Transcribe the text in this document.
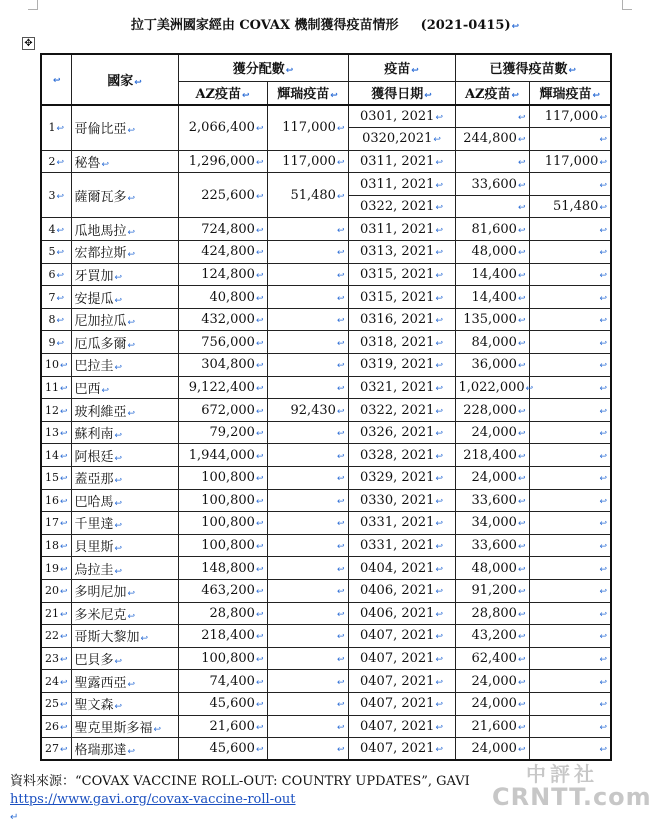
拉丁美洲國家經由 COVAX 機制獲得疫苗情形 (2021-0415)↩
✥
↩	國家↩	獲分配數↩		疫苗↩	已獲得疫苗數↩	
		AZ疫苗↩	輝瑞疫苗↩	獲得日期↩	AZ疫苗↩	輝瑞疫苗↩
1↩	哥倫比亞↩	2,066,400↩	117,000↩	0301, 2021↩	↩	117,000↩
				0320,2021↩	244,800↩	↩
2↩	秘魯↩	1,296,000↩	117,000↩	0311, 2021↩	↩	117,000↩
3↩	薩爾瓦多↩	225,600↩	51,480↩	0311, 2021↩	33,600↩	↩
				0322, 2021↩	↩	51,480↩
4↩	瓜地馬拉↩	724,800↩	↩	0311, 2021↩	81,600↩	↩
5↩	宏都拉斯↩	424,800↩	↩	0313, 2021↩	48,000↩	↩
6↩	牙買加↩	124,800↩	↩	0315, 2021↩	14,400↩	↩
7↩	安提瓜↩	40,800↩	↩	0315, 2021↩	14,400↩	↩
8↩	尼加拉瓜↩	432,000↩	↩	0316, 2021↩	135,000↩	↩
9↩	厄瓜多爾↩	756,000↩	↩	0318, 2021↩	84,000↩	↩
10↩	巴拉圭↩	304,800↩	↩	0319, 2021↩	36,000↩	↩
11↩	巴西↩	9,122,400↩	↩	0321, 2021↩	1,022,000↩	↩
12↩	玻利維亞↩	672,000↩	92,430↩	0322, 2021↩	228,000↩	↩
13↩	蘇利南↩	79,200↩	↩	0326, 2021↩	24,000↩	↩
14↩	阿根廷↩	1,944,000↩	↩	0328, 2021↩	218,400↩	↩
15↩	蓋亞那↩	100,800↩	↩	0329, 2021↩	24,000↩	↩
16↩	巴哈馬↩	100,800↩	↩	0330, 2021↩	33,600↩	↩
17↩	千里達↩	100,800↩	↩	0331, 2021↩	34,000↩	↩
18↩	貝里斯↩	100,800↩	↩	0331, 2021↩	33,600↩	↩
19↩	烏拉圭↩	148,800↩	↩	0404, 2021↩	48,000↩	↩
20↩	多明尼加↩	463,200↩	↩	0406, 2021↩	91,200↩	↩
21↩	多米尼克↩	28,800↩	↩	0406, 2021↩	28,800↩	↩
22↩	哥斯大黎加↩	218,400↩	↩	0407, 2021↩	43,200↩	↩
23↩	巴貝多↩	100,800↩	↩	0407, 2021↩	62,400↩	↩
24↩	聖露西亞↩	74,400↩	↩	0407, 2021↩	24,000↩	↩
25↩	聖文森↩	45,600↩	↩	0407, 2021↩	24,000↩	↩
26↩	聖克里斯多福↩	21,600↩	↩	0407, 2021↩	21,600↩	↩
27↩	格瑞那達↩	45,600↩	↩	0407, 2021↩	24,000↩	↩
資料來源：“COVAX VACCINE ROLL-OUT: COUNTRY UPDATES”, GAVI
https://www.gavi.org/covax-vaccine-roll-out
↵
中評社
CRNTT.com
